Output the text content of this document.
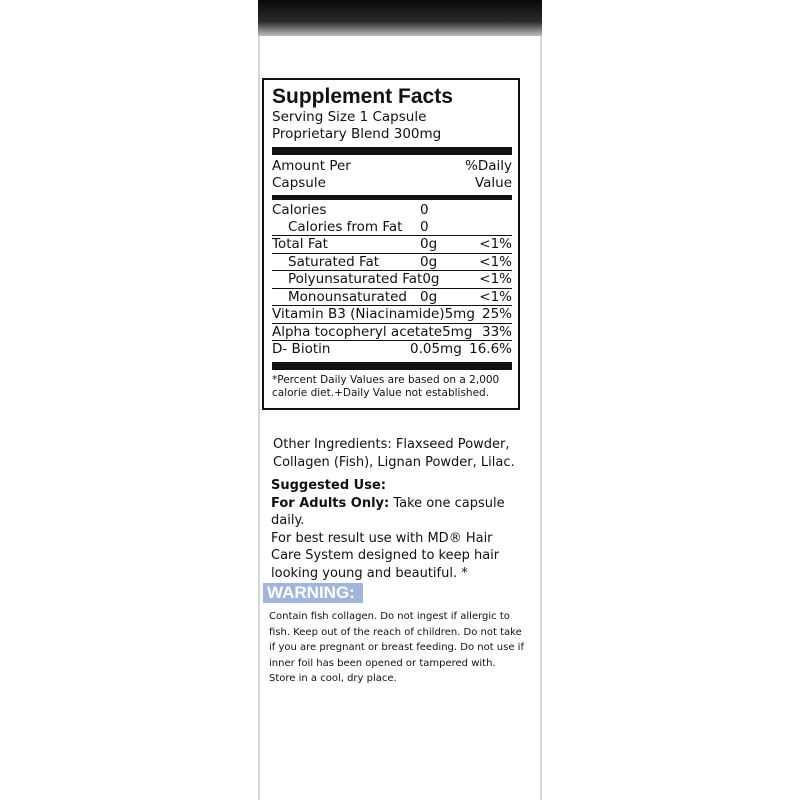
Supplement Facts
Serving Size 1 Capsule
Proprietary Blend 300mg
Amount Per
Capsule
%Daily
Value
Calories	0
Calories from Fat	0
Total Fat	0g	<1%
Saturated Fat	0g	<1%
Polyunsaturated Fat 0g	<1%
Monounsaturated 0g	<1%
Vitamin B3 (Niacinamide) 5mg 25%
Alpha tocopheryl acetate 5mg 33%
D- Biotin	0.05mg 16.6%
*Percent Daily Values are based on a 2,000 calorie diet.+Daily Value not established.
Other Ingredients: Flaxseed Powder, Collagen (Fish), Lignan Powder, Lilac.
Suggested Use:
For Adults Only: Take one capsule daily.
For best result use with MD® Hair Care System designed to keep hair looking young and beautiful. *
WARNING:
Contain fish collagen. Do not ingest if allergic to fish. Keep out of the reach of children. Do not take if you are pregnant or breast feeding. Do not use if inner foil has been opened or tampered with. Store in a cool, dry place.
